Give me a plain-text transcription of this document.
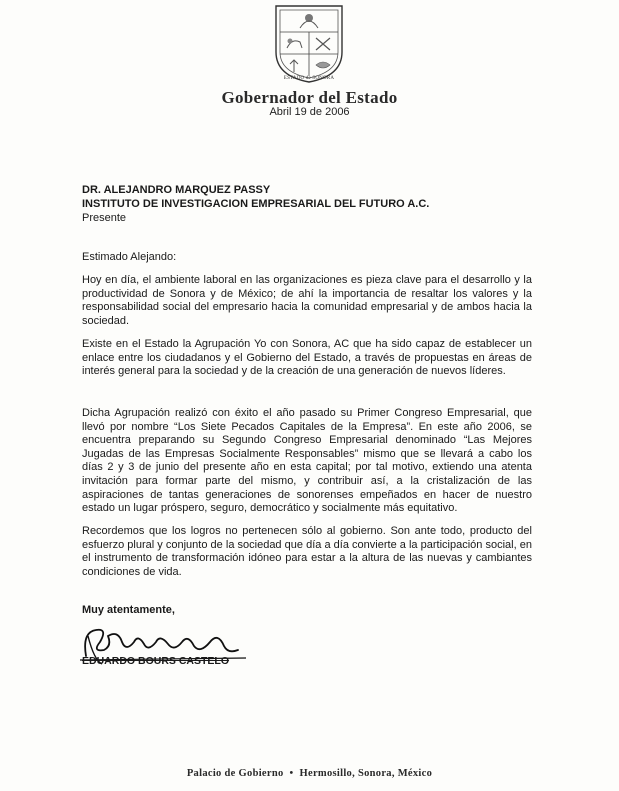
ESTADO de SONORA
Gobernador del Estado
Abril 19 de 2006
DR. ALEJANDRO MARQUEZ PASSY
INSTITUTO DE INVESTIGACION EMPRESARIAL DEL FUTURO A.C.
Presente
Estimado Alejando:

Hoy en día, el ambiente laboral en las organizaciones es pieza clave para el desarrollo y la productividad de Sonora y de México; de ahí la importancia de resaltar los valores y la responsabilidad social del empresario hacia la comunidad empresarial y de ambos hacia la sociedad.

Existe en el Estado la Agrupación Yo con Sonora, AC que ha sido capaz de establecer un enlace entre los ciudadanos y el Gobierno del Estado, a través de propuestas en áreas de interés general para la sociedad y de la creación de una generación de nuevos líderes.

Dicha Agrupación realizó con éxito el año pasado su Primer Congreso Empresarial, que llevó por nombre “Los Siete Pecados Capitales de la Empresa”. En este año 2006, se encuentra preparando su Segundo Congreso Empresarial denominado “Las Mejores Jugadas de las Empresas Socialmente Responsables” mismo que se llevará a cabo los días 2 y 3 de junio del presente año en esta capital; por tal motivo, extiendo una atenta invitación para formar parte del mismo, y contribuir así, a la cristalización de las aspiraciones de tantas generaciones de sonorenses empeñados en hacer de nuestro estado un lugar próspero, seguro, democrático y socialmente más equitativo.

Recordemos que los logros no pertenecen sólo al gobierno. Son ante todo, producto del esfuerzo plural y conjunto de la sociedad que día a día convierte a la participación social, en el instrumento de transformación idóneo para estar a la altura de las nuevas y cambiantes condiciones de vida.

Muy atentamente,
EDUARDO BOURS CASTELO
Palacio de Gobierno • Hermosillo, Sonora, México
